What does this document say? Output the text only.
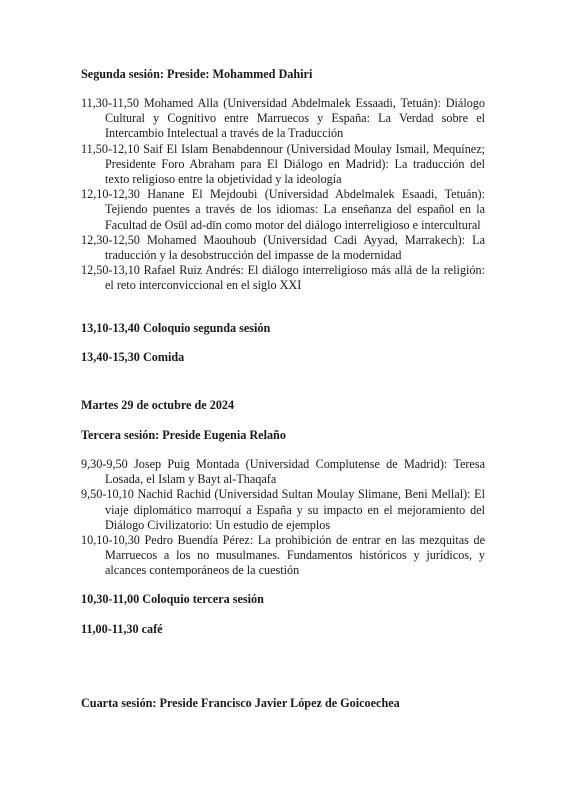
Segunda sesión: Preside: Mohammed Dahiri
11,30-11,50 Mohamed Alla (Universidad Abdelmalek Essaadi, Tetuán): Diálogo Cultural y Cognitivo entre Marruecos y España: La Verdad sobre el Intercambio Intelectual a través de la Traducción
11,50-12,10 Saif El Islam Benabdennour (Universidad Moulay Ismail, Mequínez; Presidente Foro Abraham para El Diálogo en Madrid): La traducción del texto religioso entre la objetividad y la ideología
12,10-12,30 Hanane El Mejdoubi (Universidad Abdelmalek Esaadi, Tetuán): Tejiendo puentes a través de los idiomas: La enseñanza del español en la Facultad de Osūl ad-dīn como motor del diálogo interreligioso e intercultural
12,30-12,50 Mohamed Maouhoub (Universidad Cadi Ayyad, Marrakech): La traducción y la desobstrucción del impasse de la modernidad
12,50-13,10 Rafael Ruiz Andrés: El diálogo interreligioso más allá de la religión: el reto interconviccional en el siglo XXI
13,10-13,40 Coloquio segunda sesión
13,40-15,30 Comida
Martes 29 de octubre de 2024
Tercera sesión: Preside Eugenia Relaño
9,30-9,50 Josep Puig Montada (Universidad Complutense de Madrid): Teresa Losada, el Islam y Bayt al-Thaqafa
9,50-10,10 Nachid Rachid (Universidad Sultan Moulay Slimane, Beni Mellal): El viaje diplomático marroquí a España y su impacto en el mejoramiento del Diálogo Civilizatorio: Un estudio de ejemplos
10,10-10,30 Pedro Buendía Pérez: La prohibición de entrar en las mezquitas de Marruecos a los no musulmanes. Fundamentos históricos y jurídicos, y alcances contemporáneos de la cuestión
10,30-11,00 Coloquio tercera sesión
11,00-11,30 café
Cuarta sesión: Preside Francisco Javier López de Goicoechea
